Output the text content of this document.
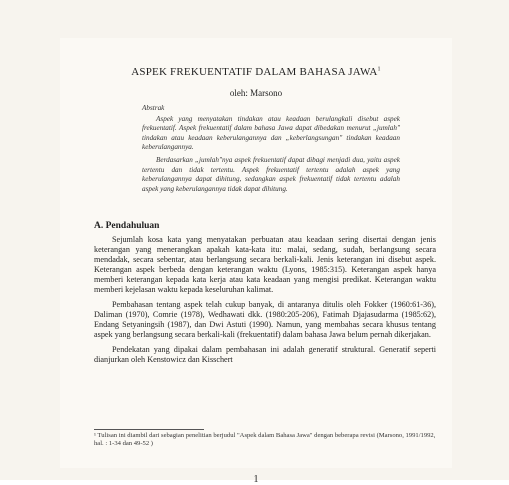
ASPEK FREKUENTATIF DALAM BAHASA JAWA$^1$
oleh: Marsono
Abstrak

Aspek yang menyatakan tindakan atau keadaan berulangkali disebut aspek frekuentatif. Aspek frekuentatif dalam bahasa Jawa dapat dibedakan menurut „jumlah" tindakan atau keadaan keberulangannya dan „keberlangsungan" tindakan keadaan keberulangannya.

Berdasarkan „jumlah"nya aspek frekuentatif dapat dibagi menjadi dua, yaitu aspek tertentu dan tidak tertentu. Aspek frekuentatif tertentu adalah aspek yang keberulangannya dapat dihitung, sedangkan aspek frekuentatif tidak tertentu adalah aspek yang keberulangannya tidak dapat dihitung.

A. Pendahuluan

Sejumlah kosa kata yang menyatakan perbuatan atau keadaan sering disertai dengan jenis keterangan yang menerangkan apakah kata-kata itu: malai, sedang, sudah, berlangsung secara mendadak, secara sebentar, atau berlangsung secara berkali-kali. Jenis keterangan ini disebut aspek. Keterangan aspek berbeda dengan keterangan waktu (Lyons, 1985:315). Keterangan aspek hanya memberi keterangan kepada kata kerja atau kata keadaan yang mengisi predikat. Keterangan waktu memberi kejelasan waktu kepada keseluruhan kalimat.

Pembahasan tentang aspek telah cukup banyak, di antaranya ditulis oleh Fokker (1960:61-36), Daliman (1970), Comrie (1978), Wedhawati dkk. (1980:205-206), Fatimah Djajasudarma (1985:62), Endang Setyaningsih (1987), dan Dwi Astuti (1990). Namun, yang membahas secara khusus tentang aspek yang berlangsung secara berkali-kali (frekuentatif) dalam bahasa Jawa belum pernah dikerjakan.

Pendekatan yang dipakai dalam pembahasan ini adalah generatif struktural. Generatif seperti dianjurkan oleh Kenstowicz dan Kisschert

¹ Tulisan ini diambil dari sebagian penelitian berjudul "Aspek dalam Bahasa Jawa" dengan beberapa revisi (Marsono, 1991/1992, hal. : 1-34 dan 49-52 )
1
